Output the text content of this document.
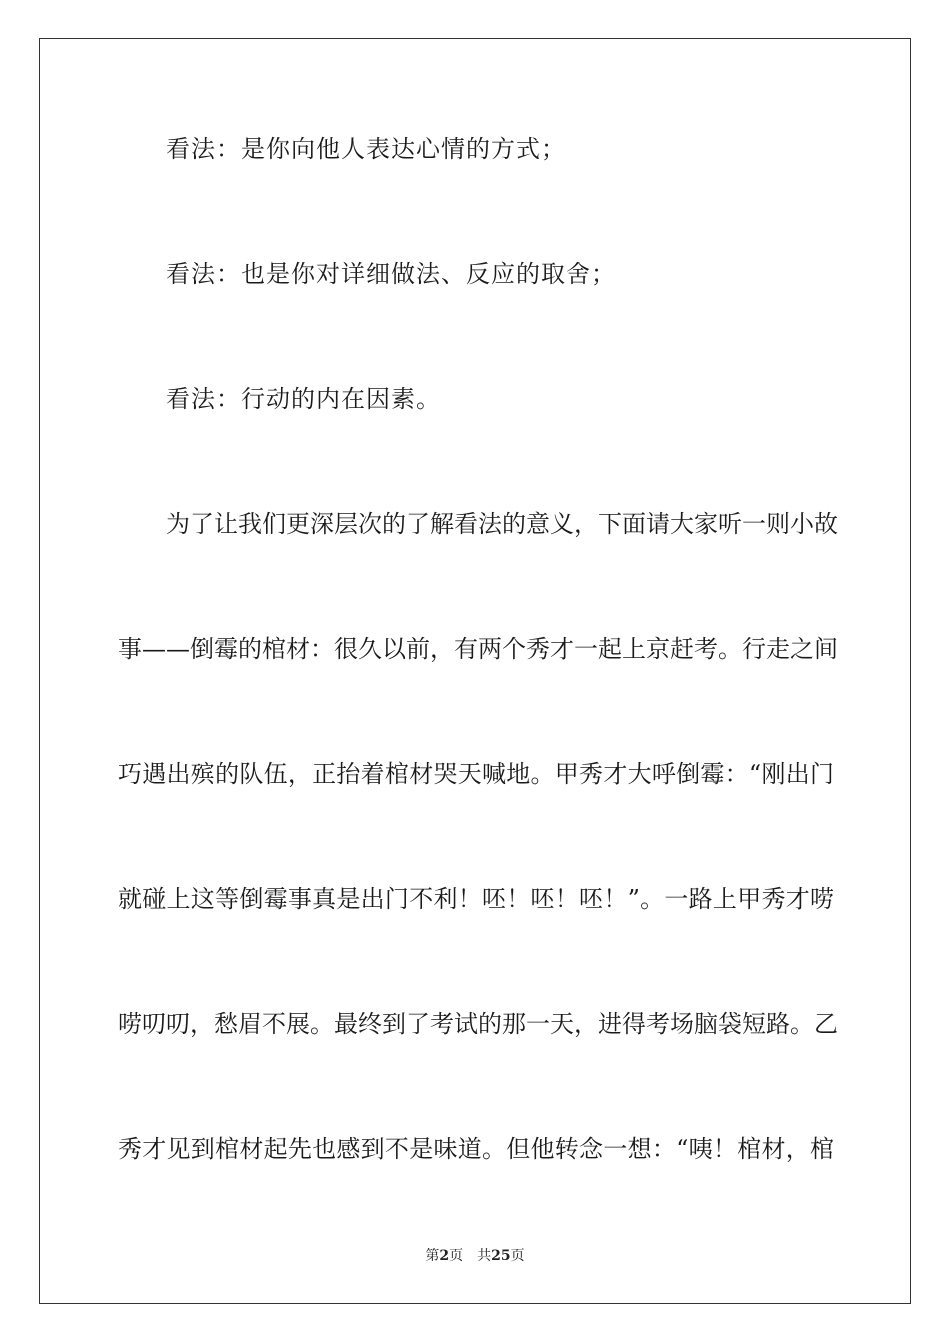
看法：是你向他人表达心情的方式；
看法：也是你对详细做法、反应的取舍；
看法：行动的内在因素。
为 了 让 我 们 更 深 层 次 的 了 解 看 法 的 意 义 ， 下 面 请 大 家 听 一 则 小 故
事 — — 倒 霉 的 棺 材 ： 很 久 以 前 ， 有 两 个 秀 才 一 起 上 京 赶 考 。 行 走 之 间
巧 遇 出 殡 的 队 伍 ， 正 抬 着 棺 材 哭 天 喊 地 。 甲 秀 才 大 呼 倒 霉 ： “ 刚 出 门
就 碰 上 这 等 倒 霉 事 真 是 出 门 不 利 ！ 呸 ！ 呸 ！ 呸 ！ ” 。 一 路 上 甲 秀 才 唠
唠 叨 叨 ， 愁 眉 不 展 。 最 终 到 了 考 试 的 那 一 天 ， 进 得 考 场 脑 袋 短 路 。 乙
秀 才 见 到 棺 材 起 先 也 感 到 不 是 味 道 。 但 他 转 念 一 想 ： “ 咦 ！ 棺 材 ， 棺
第2页 共25页
